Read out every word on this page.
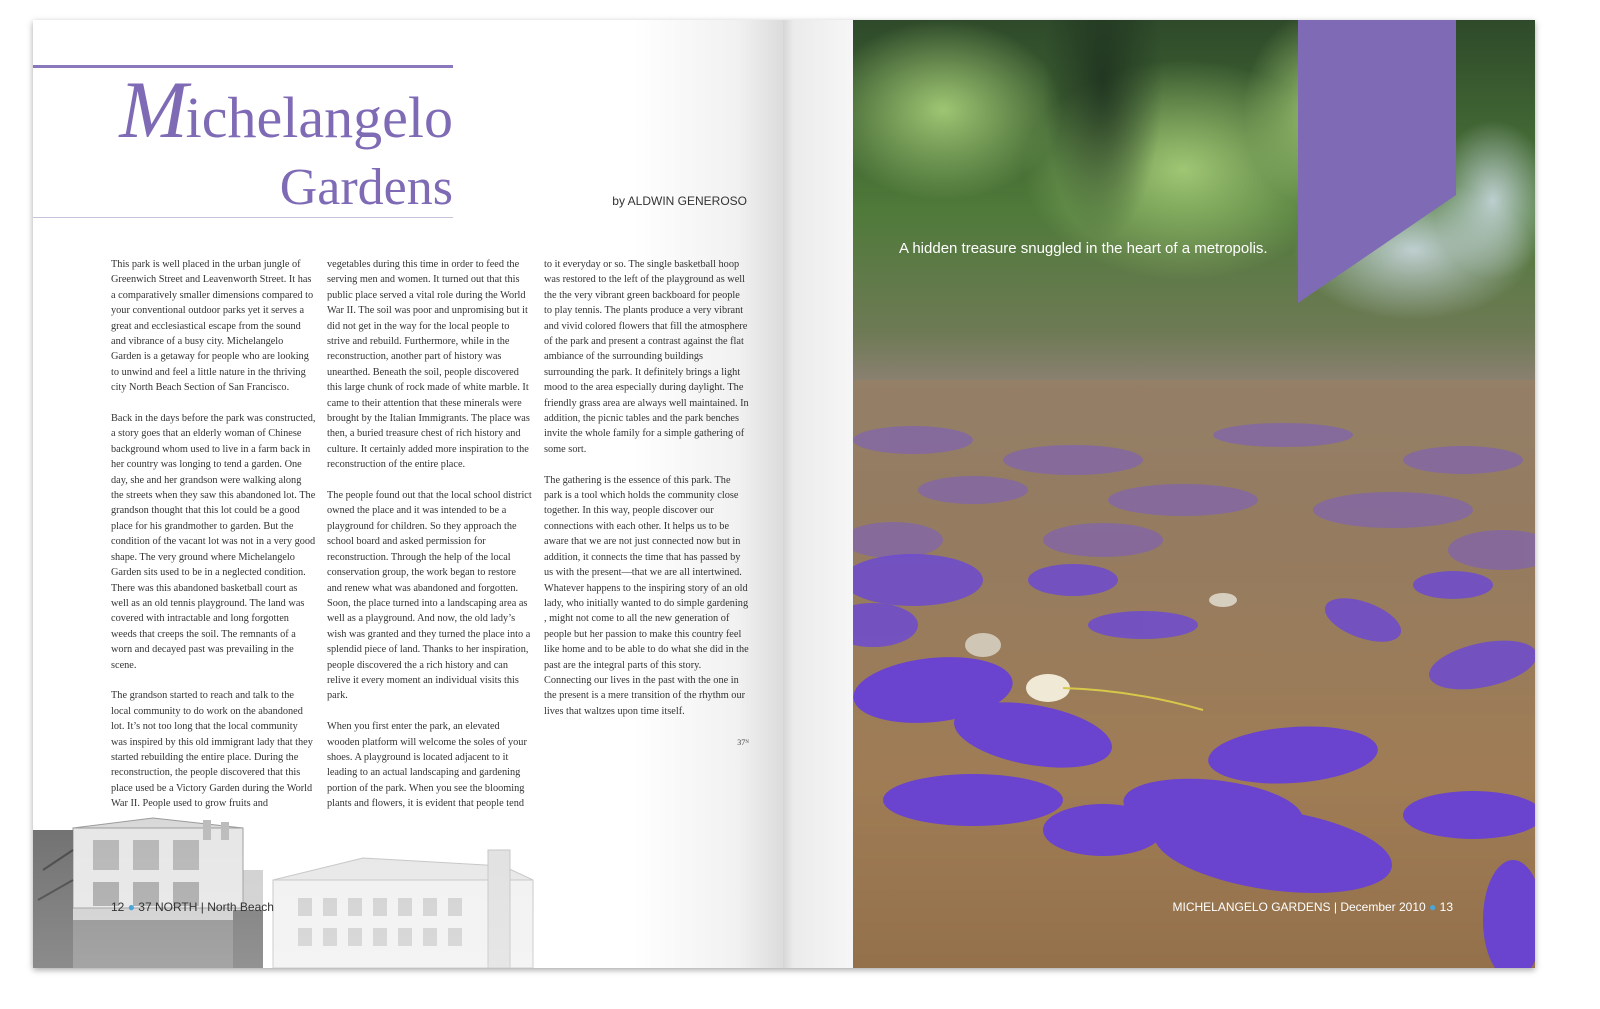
Michelangelo
Gardens	by ALDWIN GENEROSO

This park is well placed in the urban jungle of Greenwich Street and Leavenworth Street. It has a comparatively smaller dimensions compared to your conventional outdoor parks yet it serves a great and ecclesiastical escape from the sound and vibrance of a busy city. Michelangelo Garden is a getaway for people who are looking to unwind and feel a little nature in the thriving city North Beach Section of San Francisco.

Back in the days before the park was constructed, a story goes that an elderly woman of Chinese background whom used to live in a farm back in her country was longing to tend a garden. One day, she and her grandson were walking along the streets when they saw this abandoned lot. The grandson thought that this lot could be a good place for his grandmother to garden. But the condition of the vacant lot was not in a very good shape. The very ground where Michelangelo Garden sits used to be in a neglected condition. There was this abandoned basketball court as well as an old tennis playground. The land was covered with intractable and long forgotten weeds that creeps the soil. The remnants of a worn and decayed past was prevailing in the scene.

The grandson started to reach and talk to the local community to do work on the abandoned lot. It’s not too long that the local community was inspired by this old immigrant lady that they started rebuilding the entire place. During the reconstruction, the people discovered that this place used be a Victory Garden during the World War II. People used to grow fruits and

vegetables during this time in order to feed the serving men and women. It turned out that this public place served a vital role during the World War II. The soil was poor and unpromising but it did not get in the way for the local people to strive and rebuild. Furthermore, while in the reconstruction, another part of history was unearthed. Beneath the soil, people discovered this large chunk of rock made of white marble. It came to their attention that these minerals were brought by the Italian Immigrants. The place was then, a buried treasure chest of rich history and culture. It certainly added more inspiration to the reconstruction of the entire place.

The people found out that the local school district owned the place and it was intended to be a playground for children. So they approach the school board and asked permission for reconstruction. Through the help of the local conservation group, the work began to restore and renew what was abandoned and forgotten. Soon, the place turned into a landscaping area as well as a playground. And now, the old lady’s wish was granted and they turned the place into a splendid piece of land. Thanks to her inspiration, people discovered the a rich history and can relive it every moment an individual visits this park.

When you first enter the park, an elevated wooden platform will welcome the soles of your shoes. A playground is located adjacent to it leading to an actual landscaping and gardening portion of the park. When you see the blooming plants and flowers, it is evident that people tend

to it everyday or so. The single basketball hoop was restored to the left of the playground as well the the very vibrant green backboard for people to play tennis. The plants produce a very vibrant and vivid colored flowers that fill the atmosphere of the park and present a contrast against the flat ambiance of the surrounding buildings surrounding the park. It definitely brings a light mood to the area especially during daylight. The friendly grass area are always well maintained. In addition, the picnic tables and the park benches invite the whole family for a simple gathering of some sort.

The gathering is the essence of this park. The park is a tool which holds the community close together. In this way, people discover our connections with each other. It helps us to be aware that we are not just connected now but in addition, it connects the time that has passed by us with the present—that we are all intertwined. Whatever happens to the inspiring story of an old lady, who initially wanted to do simple gardening , might not come to all the new generation of people but her passion to make this country feel like home and to be able to do what she did in the past are the integral parts of this story. Connecting our lives in the past with the one in the present is a mere transition of the rhythm our lives that waltzes upon time itself.

37ᴺ
12 ● 37 NORTH | North Beach
A hidden treasure snuggled in the heart of a metropolis.
MICHELANGELO GARDENS | December 2010 ● 13
